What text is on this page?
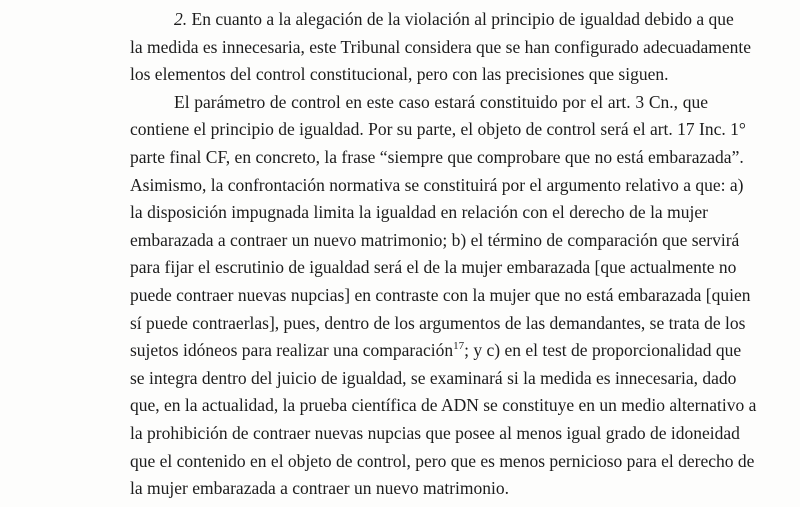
2. En cuanto a la alegación de la violación al principio de igualdad debido a que
la medida es innecesaria, este Tribunal considera que se han configurado adecuadamente
los elementos del control constitucional, pero con las precisiones que siguen.
El parámetro de control en este caso estará constituido por el art. 3 Cn., que
contiene el principio de igualdad. Por su parte, el objeto de control será el art. 17 Inc. 1°
parte final CF, en concreto, la frase “siempre que comprobare que no está embarazada”.
Asimismo, la confrontación normativa se constituirá por el argumento relativo a que: a)
la disposición impugnada limita la igualdad en relación con el derecho de la mujer
embarazada a contraer un nuevo matrimonio; b) el término de comparación que servirá
para fijar el escrutinio de igualdad será el de la mujer embarazada [que actualmente no
puede contraer nuevas nupcias] en contraste con la mujer que no está embarazada [quien
sí puede contraerlas], pues, dentro de los argumentos de las demandantes, se trata de los
sujetos idóneos para realizar una comparación$^{17}$; y c) en el test de proporcionalidad que
se integra dentro del juicio de igualdad, se examinará si la medida es innecesaria, dado
que, en la actualidad, la prueba científica de ADN se constituye en un medio alternativo a
la prohibición de contraer nuevas nupcias que posee al menos igual grado de idoneidad
que el contenido en el objeto de control, pero que es menos pernicioso para el derecho de
la mujer embarazada a contraer un nuevo matrimonio.
